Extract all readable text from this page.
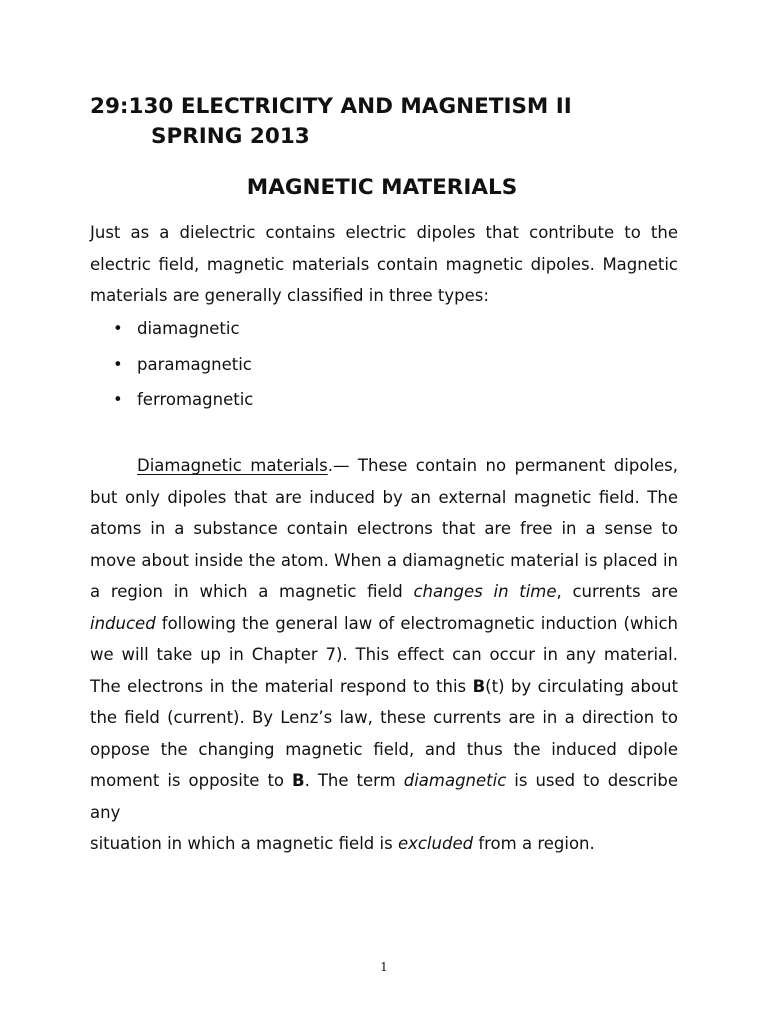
29:130 ELECTRICITY AND MAGNETISM II
SPRING 2013
MAGNETIC MATERIALS

Just as a dielectric contains electric dipoles that contribute to the electric field, magnetic materials contain magnetic dipoles. Magnetic materials are generally classified in three types:

• diamagnetic
• paramagnetic
• ferromagnetic

Diamagnetic materials.— These contain no permanent dipoles, but only dipoles that are induced by an external magnetic field. The atoms in a substance contain electrons that are free in a sense to move about inside the atom. When a diamagnetic material is placed in a region in which a magnetic field changes in time, currents are induced following the general law of electromagnetic induction (which we will take up in Chapter 7). This effect can occur in any material. The electrons in the material respond to this B(t) by circulating about the field (current). By Lenz’s law, these currents are in a direction to oppose the changing magnetic field, and thus the induced dipole moment is opposite to B. The term diamagnetic is used to describe any
situation in which a magnetic field is excluded from a region.

1
